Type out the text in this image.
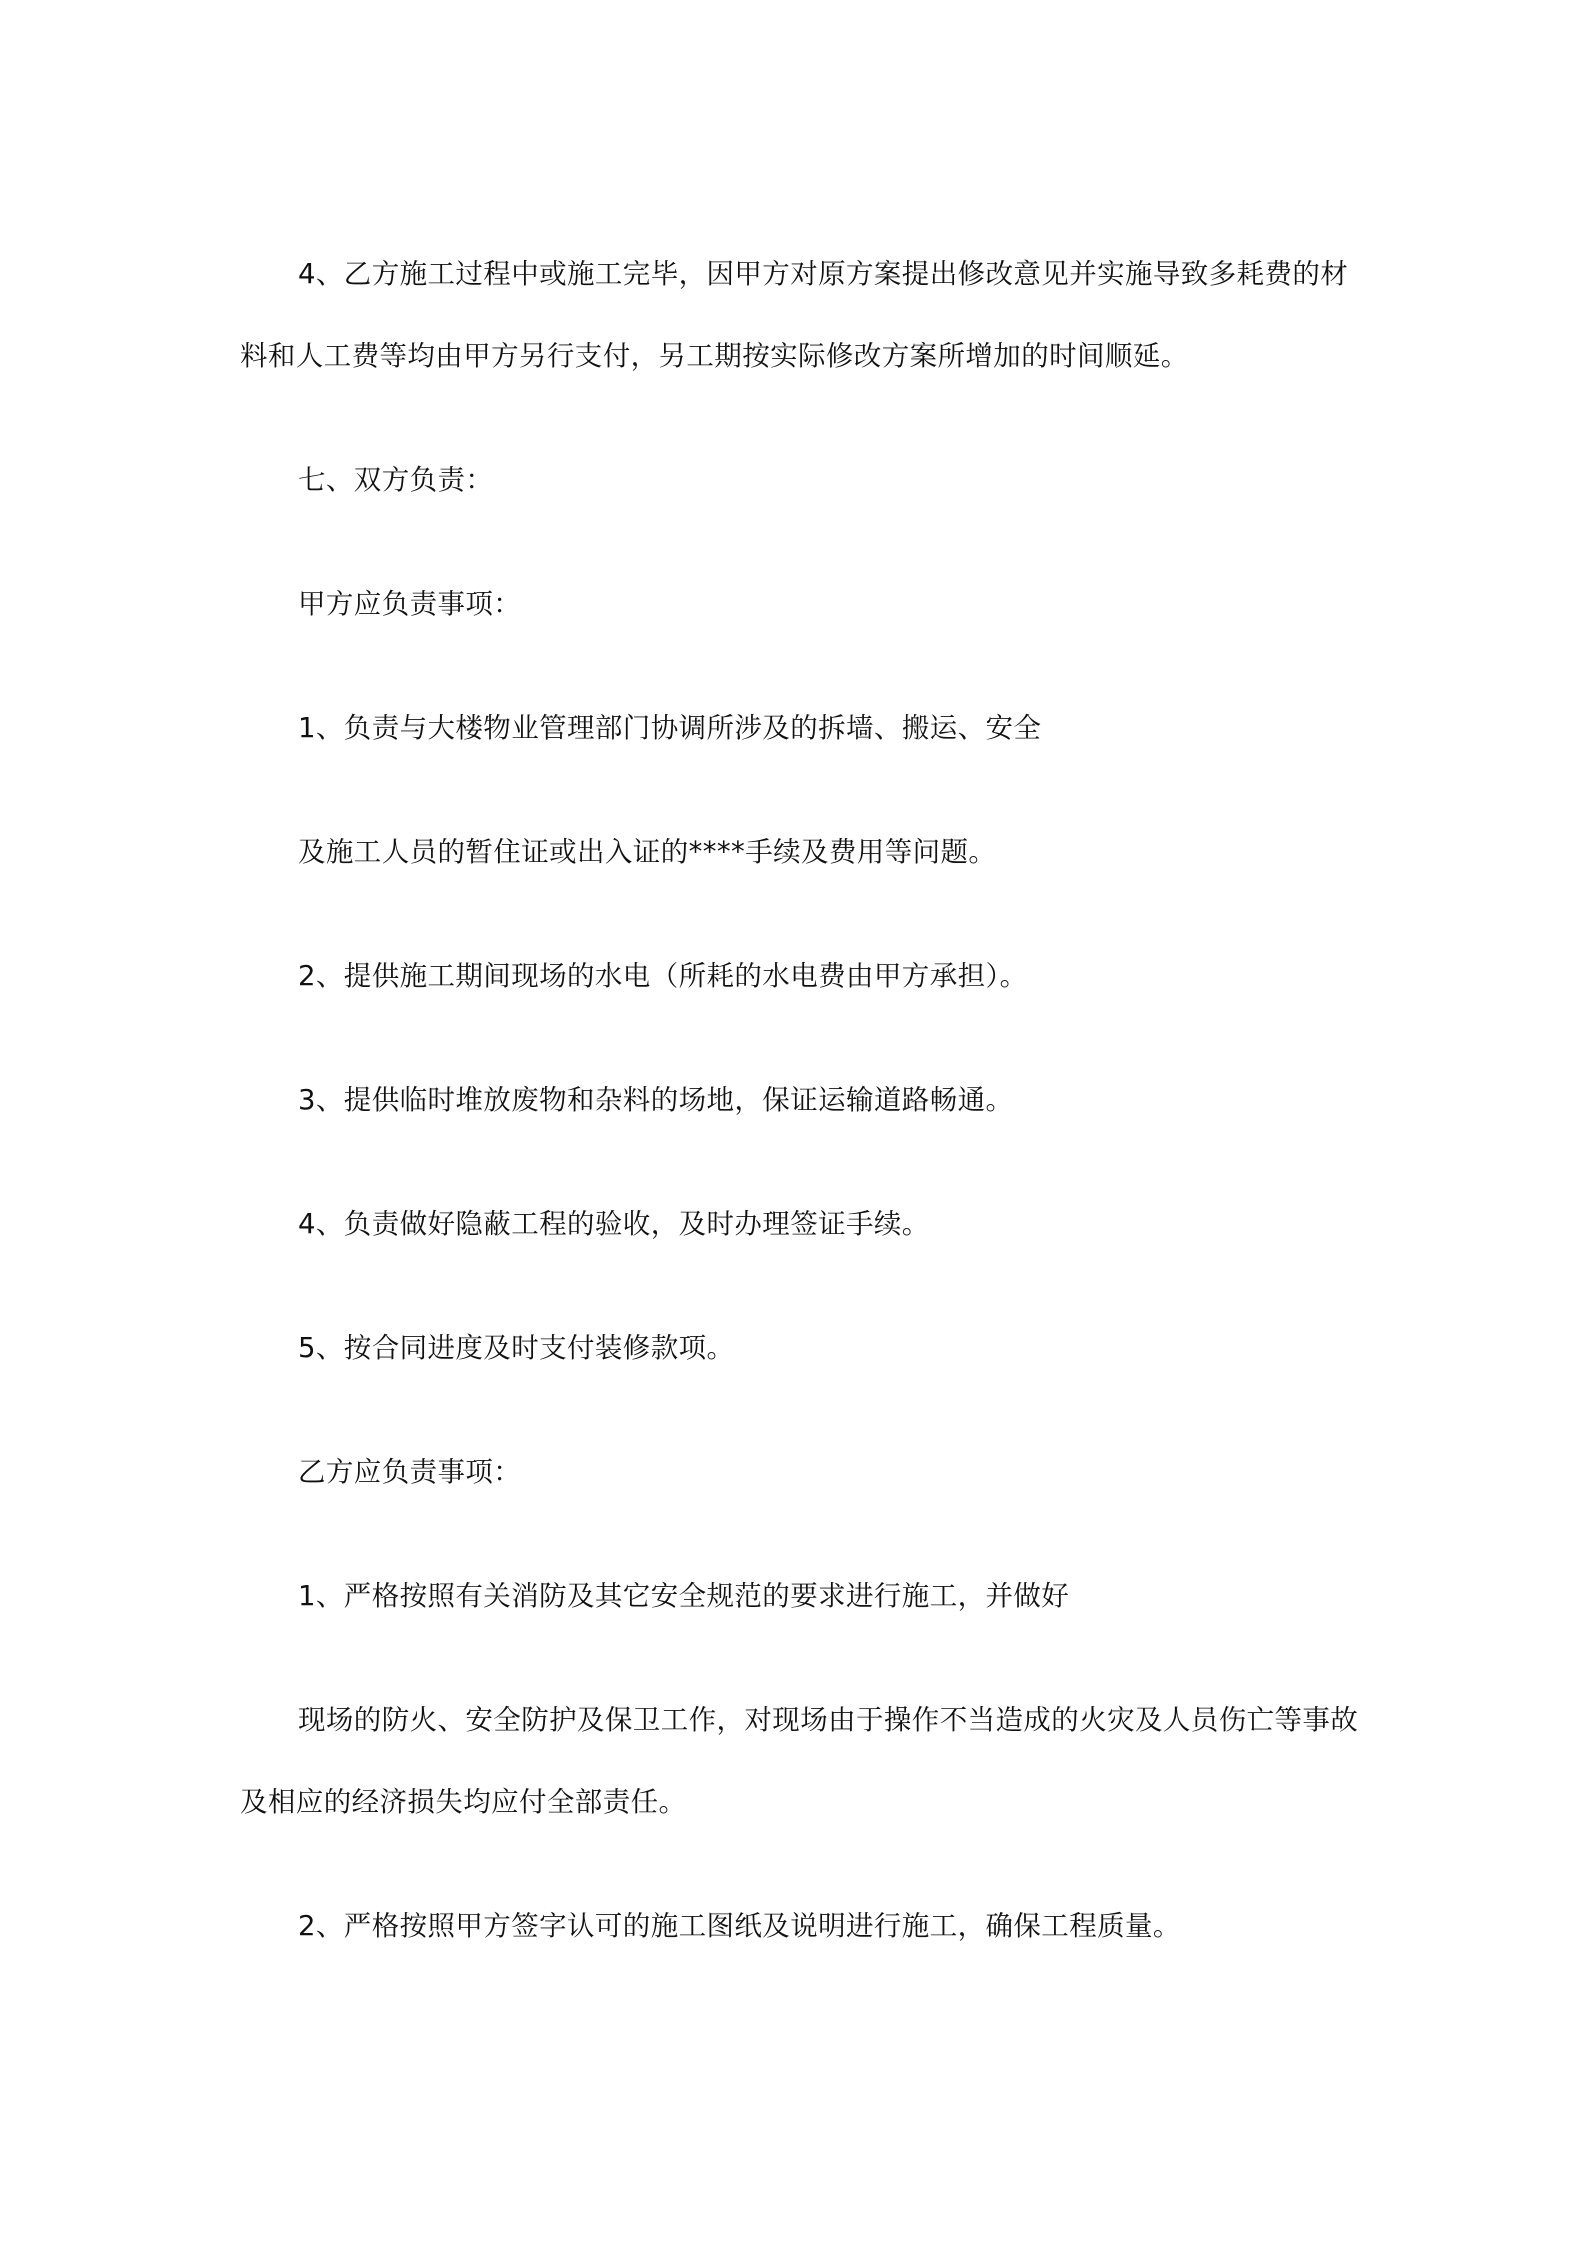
4、乙方施工过程中或施工完毕，因甲方对原方案提出修改意见并实施导致多耗费的材
料和人工费等均由甲方另行支付，另工期按实际修改方案所增加的时间顺延。
七、双方负责：
甲方应负责事项：
1、负责与大楼物业管理部门协调所涉及的拆墙、搬运、安全
及施工人员的暂住证或出入证的****手续及费用等问题。
2、提供施工期间现场的水电（所耗的水电费由甲方承担）。
3、提供临时堆放废物和杂料的场地，保证运输道路畅通。
4、负责做好隐蔽工程的验收，及时办理签证手续。
5、按合同进度及时支付装修款项。
乙方应负责事项：
1、严格按照有关消防及其它安全规范的要求进行施工，并做好
现场的防火、安全防护及保卫工作，对现场由于操作不当造成的火灾及人员伤亡等事故
及相应的经济损失均应付全部责任。
2、严格按照甲方签字认可的施工图纸及说明进行施工，确保工程质量。
